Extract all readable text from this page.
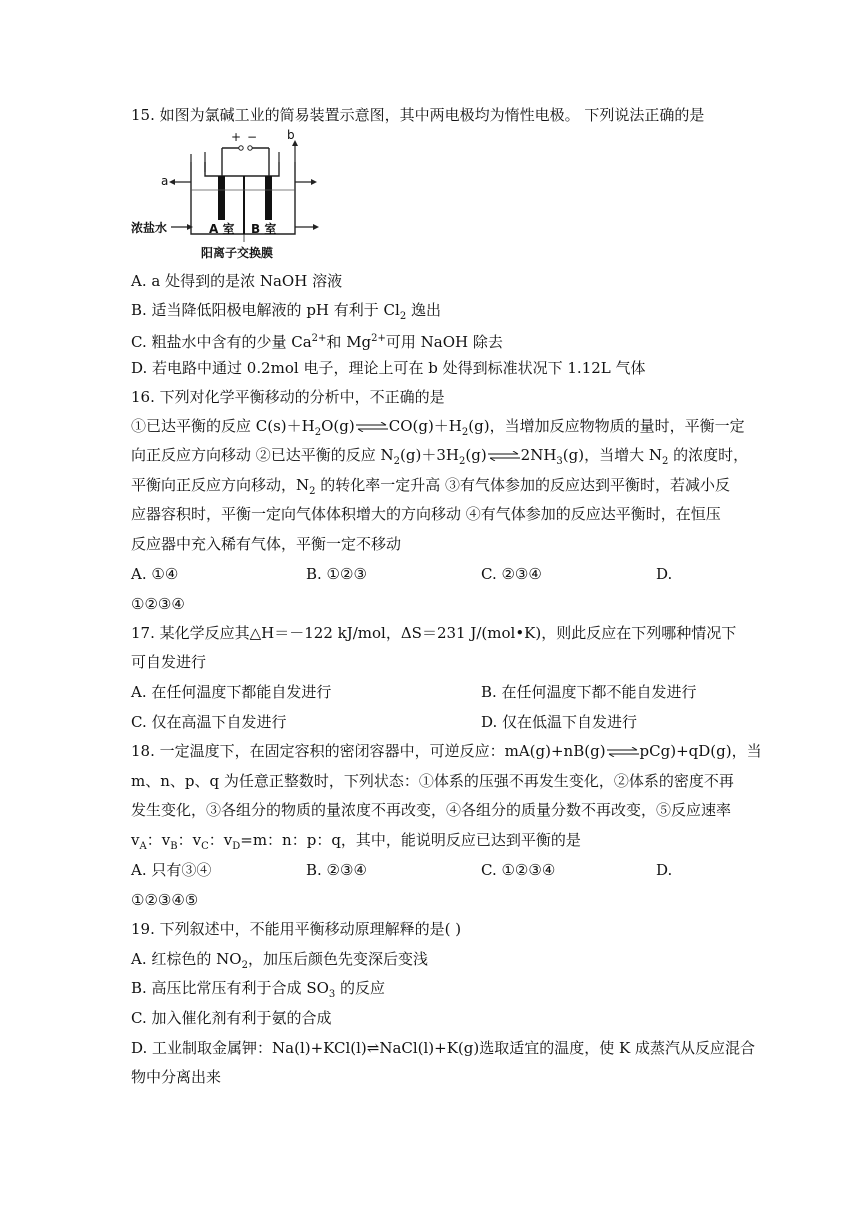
15. 如图为氯碱工业的简易装置示意图，其中两电极均为惰性电极。 下列说法正确的是
+ − b
a
浓盐水	A 室 B 室
阳离子交换膜
A. a 处得到的是浓 NaOH 溶液
B. 适当降低阳极电解液的 pH 有利于 $Cl_2$ 逸出
C. 粗盐水中含有的少量 $Ca^{2+}$和 $Mg^{2+}$可用 NaOH 除去
D. 若电路中通过 0.2mol 电子，理论上可在 b 处得到标准状况下 1.12L 气体
16. 下列对化学平衡移动的分析中，不正确的是
①已达平衡的反应 $C(s)+H_2O(g)\rightleftharpoons CO(g)+H_2(g)$，当增加反应物物质的量时，平衡一定
向正反应方向移动 ②已达平衡的反应 $N_2(g)+3H_2(g)\rightleftharpoons 2NH_3(g)$，当增大 $N_2$ 的浓度时，
平衡向正反应方向移动，$N_2$ 的转化率一定升高 ③有气体参加的反应达到平衡时，若减小反
应器容积时，平衡一定向气体体积增大的方向移动 ④有气体参加的反应达平衡时，在恒压
反应器中充入稀有气体，平衡一定不移动
A. ①④	B. ①②③	C. ②③④	D.
①②③④
17. 某化学反应其△H＝－122 kJ/mol，ΔS＝231 J/(mol•K)，则此反应在下列哪种情况下
可自发进行
A. 在任何温度下都能自发进行	B. 在任何温度下都不能自发进行
C. 仅在高温下自发进行	D. 仅在低温下自发进行
18. 一定温度下，在固定容积的密闭容器中，可逆反应：mA(g)+nB(g)⇌pCg)+qD(g)，当
m、n、p、q 为任意正整数时，下列状态：①体系的压强不再发生变化，②体系的密度不再
发生变化，③各组分的物质的量浓度不再改变，④各组分的质量分数不再改变，⑤反应速率
$v_A$：$v_B$：$v_C$：$v_D=m$：n：p：q，其中，能说明反应已达到平衡的是
A. 只有③④	B. ②③④	C. ①②③④	D.
①②③④⑤
19. 下列叙述中，不能用平衡移动原理解释的是( )
A. 红棕色的 $NO_2$，加压后颜色先变深后变浅
B. 高压比常压有利于合成 $SO_3$ 的反应
C. 加入催化剂有利于氨的合成
D. 工业制取金属钾：Na(l)+KCl(l)⇌NaCl(l)+K(g)选取适宜的温度，使 K 成蒸汽从反应混合
物中分离出来
